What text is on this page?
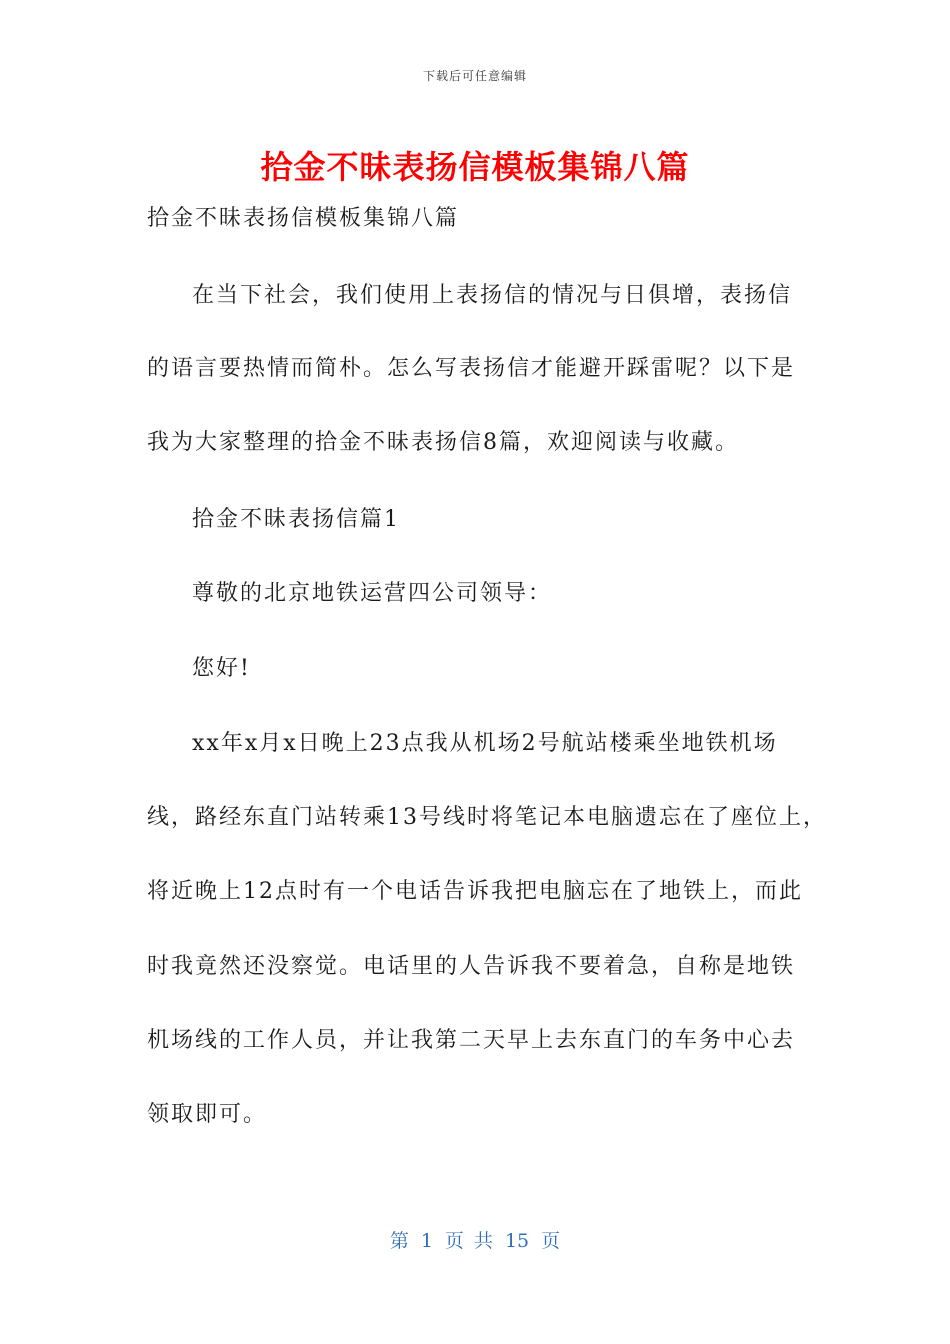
下载后可任意编辑
拾金不昧表扬信模板集锦八篇

拾金不昧表扬信模板集锦八篇

在当下社会，我们使用上表扬信的情况与日俱增，表扬信

的语言要热情而简朴。怎么写表扬信才能避开踩雷呢？以下是

我为大家整理的拾金不昧表扬信8篇，欢迎阅读与收藏。

拾金不昧表扬信篇1

尊敬的北京地铁运营四公司领导：

您好!

xx年x月x日晚上23点我从机场2号航站楼乘坐地铁机场

线，路经东直门站转乘13号线时将笔记本电脑遗忘在了座位上，

将近晚上12点时有一个电话告诉我把电脑忘在了地铁上，而此

时我竟然还没察觉。电话里的人告诉我不要着急，自称是地铁

机场线的工作人员，并让我第二天早上去东直门的车务中心去

领取即可。

第 1 页 共 15 页
